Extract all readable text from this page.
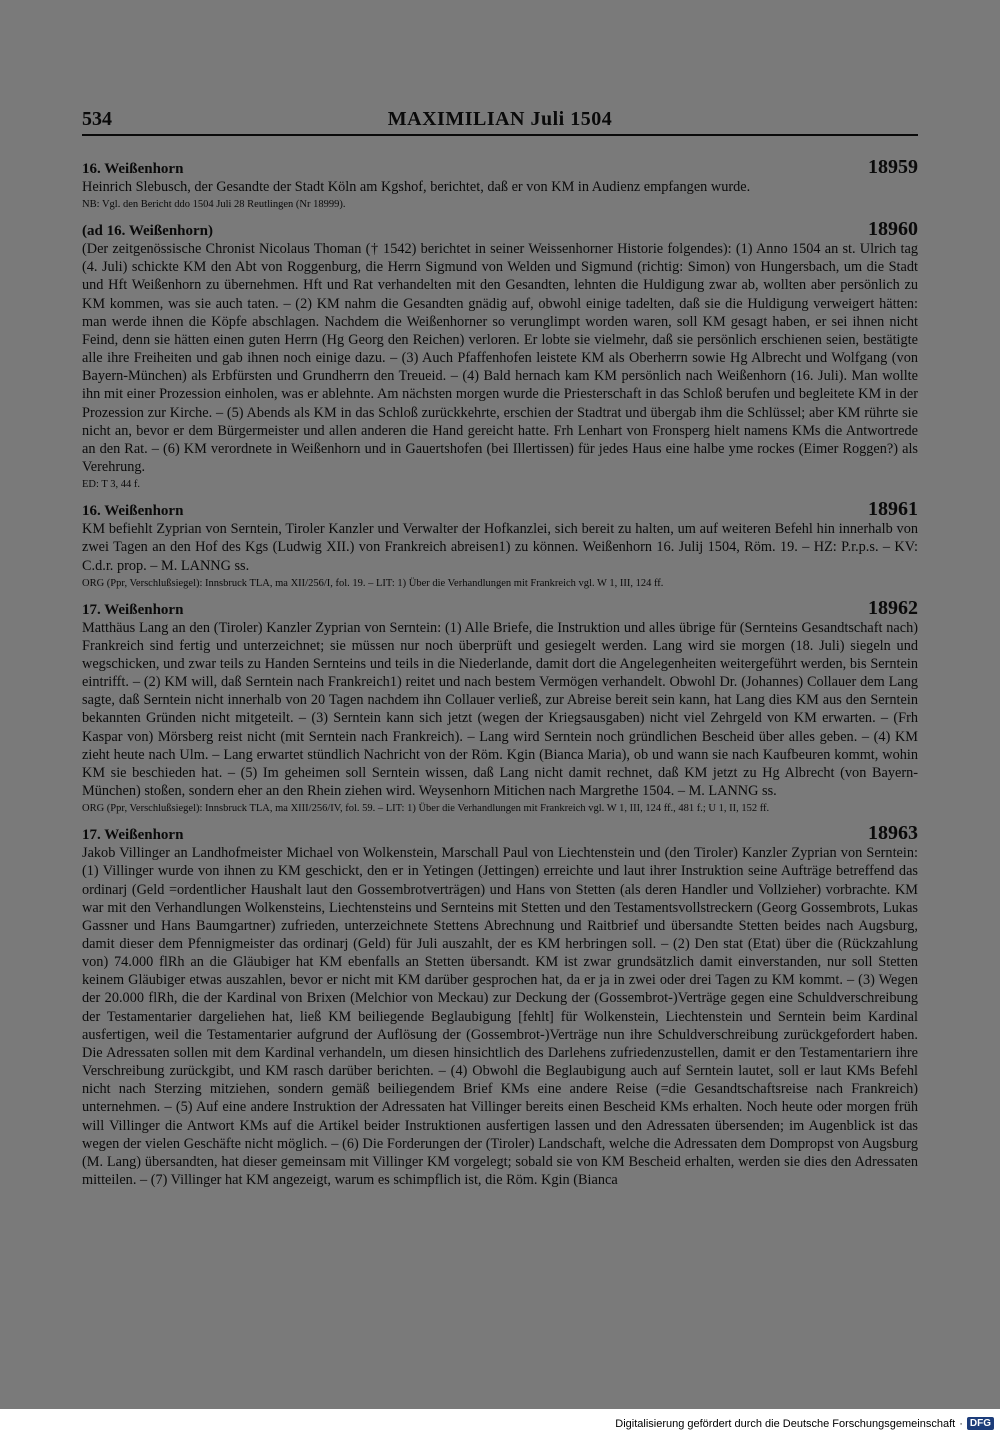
534	MAXIMILIAN Juli 1504
16. Weißenhorn	18959

Heinrich Slebusch, der Gesandte der Stadt Köln am Kgshof, berichtet, daß er von KM in Audienz empfangen wurde.

NB: Vgl. den Bericht ddo 1504 Juli 28 Reutlingen (Nr 18999).

(ad 16. Weißenhorn)	18960

(Der zeitgenössische Chronist Nicolaus Thoman († 1542) berichtet in seiner Weissenhorner Historie folgendes): (1) Anno 1504 an st. Ulrich tag (4. Juli) schickte KM den Abt von Roggenburg, die Herrn Sigmund von Welden und Sigmund (richtig: Simon) von Hungersbach, um die Stadt und Hft Weißenhorn zu übernehmen. Hft und Rat verhandelten mit den Gesandten, lehnten die Huldigung zwar ab, wollten aber persönlich zu KM kommen, was sie auch taten. – (2) KM nahm die Gesandten gnädig auf, obwohl einige tadelten, daß sie die Huldigung verweigert hätten: man werde ihnen die Köpfe abschlagen. Nachdem die Weißenhorner so verunglimpt worden waren, soll KM gesagt haben, er sei ihnen nicht Feind, denn sie hätten einen guten Herrn (Hg Georg den Reichen) verloren. Er lobte sie vielmehr, daß sie persönlich erschienen seien, bestätigte alle ihre Freiheiten und gab ihnen noch einige dazu. – (3) Auch Pfaffenhofen leistete KM als Oberherrn sowie Hg Albrecht und Wolfgang (von Bayern-München) als Erbfürsten und Grundherrn den Treueid. – (4) Bald hernach kam KM persönlich nach Weißenhorn (16. Juli). Man wollte ihn mit einer Prozession einholen, was er ablehnte. Am nächsten morgen wurde die Priesterschaft in das Schloß berufen und begleitete KM in der Prozession zur Kirche. – (5) Abends als KM in das Schloß zurückkehrte, erschien der Stadtrat und übergab ihm die Schlüssel; aber KM rührte sie nicht an, bevor er dem Bürgermeister und allen anderen die Hand gereicht hatte. Frh Lenhart von Fronsperg hielt namens KMs die Antwortrede an den Rat. – (6) KM verordnete in Weißenhorn und in Gauertshofen (bei Illertissen) für jedes Haus eine halbe yme rockes (Eimer Roggen?) als Verehrung.

ED: T 3, 44 f.

16. Weißenhorn	18961

KM befiehlt Zyprian von Serntein, Tiroler Kanzler und Verwalter der Hofkanzlei, sich bereit zu halten, um auf weiteren Befehl hin innerhalb von zwei Tagen an den Hof des Kgs (Ludwig XII.) von Frankreich abreisen1) zu können. Weißenhorn 16. Julij 1504, Röm. 19. – HZ: P.r.p.s. – KV: C.d.r. prop. – M. LANNG ss.

ORG (Ppr, Verschlußsiegel): Innsbruck TLA, ma XII/256/I, fol. 19. – LIT: 1) Über die Verhandlungen mit Frankreich vgl. W 1, III, 124 ff.

17. Weißenhorn	18962

Matthäus Lang an den (Tiroler) Kanzler Zyprian von Serntein: (1) Alle Briefe, die Instruktion und alles übrige für (Sernteins Gesandtschaft nach) Frankreich sind fertig und unterzeichnet; sie müssen nur noch überprüft und gesiegelt werden. Lang wird sie morgen (18. Juli) siegeln und wegschicken, und zwar teils zu Handen Sernteins und teils in die Niederlande, damit dort die Angelegenheiten weitergeführt werden, bis Serntein eintrifft. – (2) KM will, daß Serntein nach Frankreich1) reitet und nach bestem Vermögen verhandelt. Obwohl Dr. (Johannes) Collauer dem Lang sagte, daß Serntein nicht innerhalb von 20 Tagen nachdem ihn Collauer verließ, zur Abreise bereit sein kann, hat Lang dies KM aus den Serntein bekannten Gründen nicht mitgeteilt. – (3) Serntein kann sich jetzt (wegen der Kriegsausgaben) nicht viel Zehrgeld von KM erwarten. – (Frh Kaspar von) Mörsberg reist nicht (mit Serntein nach Frankreich). – Lang wird Serntein noch gründlichen Bescheid über alles geben. – (4) KM zieht heute nach Ulm. – Lang erwartet stündlich Nachricht von der Röm. Kgin (Bianca Maria), ob und wann sie nach Kaufbeuren kommt, wohin KM sie beschieden hat. – (5) Im geheimen soll Serntein wissen, daß Lang nicht damit rechnet, daß KM jetzt zu Hg Albrecht (von Bayern-München) stoßen, sondern eher an den Rhein ziehen wird. Weysenhorn Mitichen nach Margrethe 1504. – M. LANNG ss.

ORG (Ppr, Verschlußsiegel): Innsbruck TLA, ma XIII/256/IV, fol. 59. – LIT: 1) Über die Verhandlungen mit Frankreich vgl. W 1, III, 124 ff., 481 f.; U 1, II, 152 ff.

17. Weißenhorn	18963

Jakob Villinger an Landhofmeister Michael von Wolkenstein, Marschall Paul von Liechtenstein und (den Tiroler) Kanzler Zyprian von Serntein: (1) Villinger wurde von ihnen zu KM geschickt, den er in Yetingen (Jettingen) erreichte und laut ihrer Instruktion seine Aufträge betreffend das ordinarj (Geld =ordentlicher Haushalt laut den Gossembrotverträgen) und Hans von Stetten (als deren Handler und Vollzieher) vorbrachte. KM war mit den Verhandlungen Wolkensteins, Liechtensteins und Sernteins mit Stetten und den Testamentsvollstreckern (Georg Gossembrots, Lukas Gassner und Hans Baumgartner) zufrieden, unterzeichnete Stettens Abrechnung und Raitbrief und übersandte Stetten beides nach Augsburg, damit dieser dem Pfennigmeister das ordinarj (Geld) für Juli auszahlt, der es KM herbringen soll. – (2) Den stat (Etat) über die (Rückzahlung von) 74.000 flRh an die Gläubiger hat KM ebenfalls an Stetten übersandt. KM ist zwar grundsätzlich damit einverstanden, nur soll Stetten keinem Gläubiger etwas auszahlen, bevor er nicht mit KM darüber gesprochen hat, da er ja in zwei oder drei Tagen zu KM kommt. – (3) Wegen der 20.000 flRh, die der Kardinal von Brixen (Melchior von Meckau) zur Deckung der (Gossembrot-)Verträge gegen eine Schuldverschreibung der Testamentarier dargeliehen hat, ließ KM beiliegende Beglaubigung [fehlt] für Wolkenstein, Liechtenstein und Serntein beim Kardinal ausfertigen, weil die Testamentarier aufgrund der Auflösung der (Gossembrot-)Verträge nun ihre Schuldverschreibung zurückgefordert haben. Die Adressaten sollen mit dem Kardinal verhandeln, um diesen hinsichtlich des Darlehens zufriedenzustellen, damit er den Testamentariern ihre Verschreibung zurückgibt, und KM rasch darüber berichten. – (4) Obwohl die Beglaubigung auch auf Serntein lautet, soll er laut KMs Befehl nicht nach Sterzing mitziehen, sondern gemäß beiliegendem Brief KMs eine andere Reise (=die Gesandtschaftsreise nach Frankreich) unternehmen. – (5) Auf eine andere Instruktion der Adressaten hat Villinger bereits einen Bescheid KMs erhalten. Noch heute oder morgen früh will Villinger die Antwort KMs auf die Artikel beider Instruktionen ausfertigen lassen und den Adressaten übersenden; im Augenblick ist das wegen der vielen Geschäfte nicht möglich. – (6) Die Forderungen der (Tiroler) Landschaft, welche die Adressaten dem Dompropst von Augsburg (M. Lang) übersandten, hat dieser gemeinsam mit Villinger KM vorgelegt; sobald sie von KM Bescheid erhalten, werden sie dies den Adressaten mitteilen. – (7) Villinger hat KM angezeigt, warum es schimpflich ist, die Röm. Kgin (Bianca

Digitalisierung gefördert durch die Deutsche Forschungsgemeinschaft · DFG
